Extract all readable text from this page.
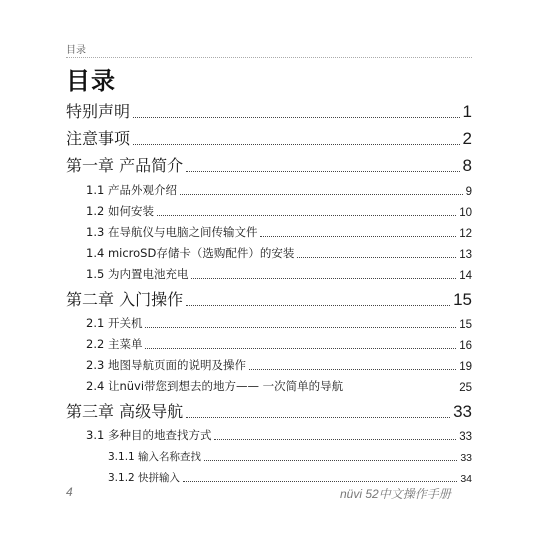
目录
目录
特别声明	1
注意事项	2
第一章 产品简介	8
1.1 产品外观介绍	9
1.2 如何安装	10
1.3 在导航仪与电脑之间传输文件	12
1.4 microSD存储卡（选购配件）的安装	13
1.5 为内置电池充电	14
第二章 入门操作	15
2.1 开关机	15
2.2 主菜单	16
2.3 地图导航页面的说明及操作	19
2.4 让nüvi带您到想去的地方—— 一次简单的导航	25
第三章 高级导航	33
3.1 多种目的地查找方式	33
3.1.1 输入名称查找	33
3.1.2 快拼输入	34
4	nüvi 52中文操作手册
